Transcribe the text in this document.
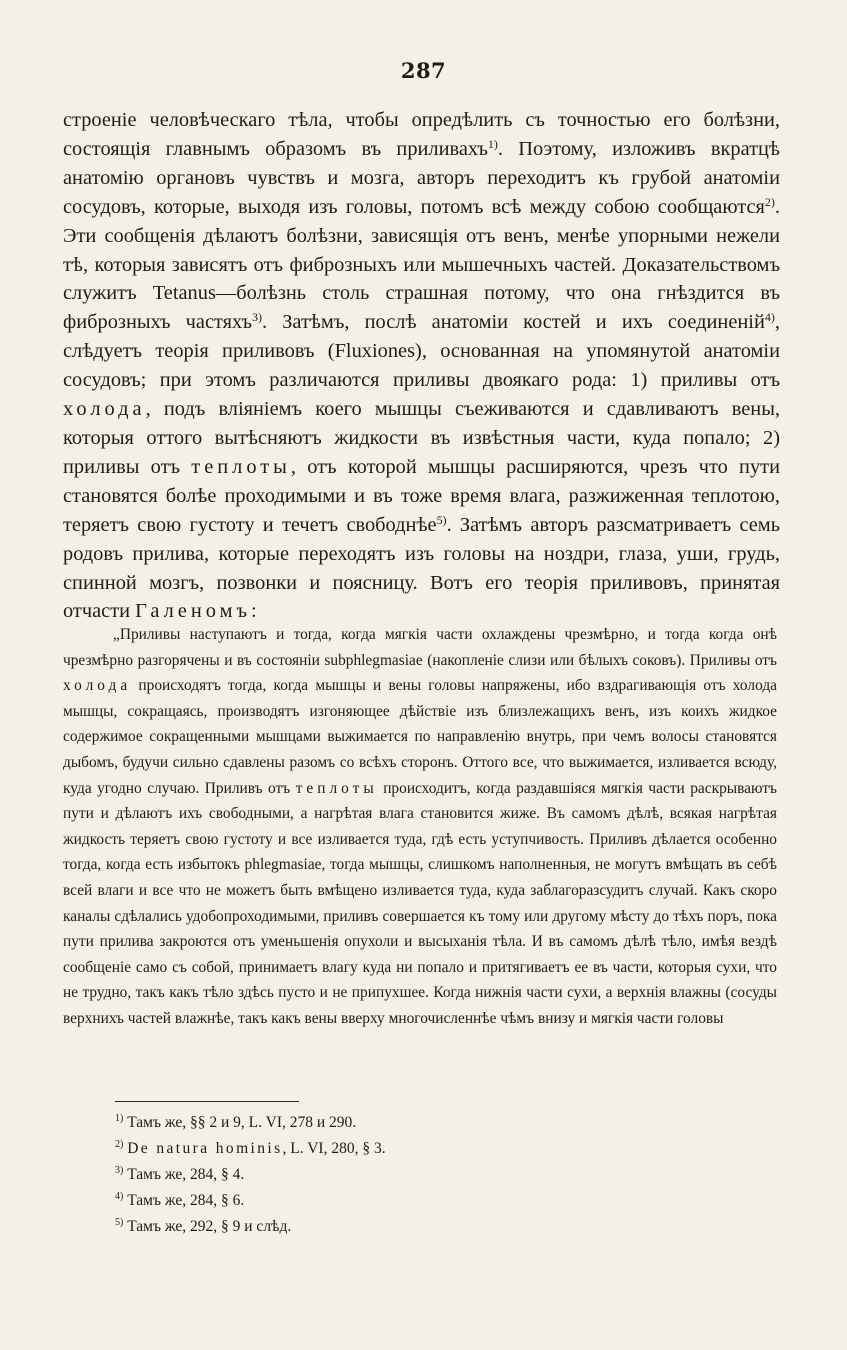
287

строеніе человѣческаго тѣла, чтобы опредѣлить съ точностью его болѣзни, состоящія главнымъ образомъ въ приливахъ$^{1)}$. Поэтому, изложивъ вкратцѣ анатомію органовъ чувствъ и мозга, авторъ переходитъ къ грубой анатоміи сосудовъ, которые, выходя изъ головы, потомъ всѣ между собою сообщаются$^{2)}$. Эти сообщенія дѣлаютъ болѣзни, зависящія отъ венъ, менѣе упорными нежели тѣ, которыя зависятъ отъ фиброзныхъ или мышечныхъ частей. Доказательствомъ служитъ Tetanus—болѣзнь столь страшная потому, что она гнѣздится въ фиброзныхъ частяхъ$^{3)}$. Затѣмъ, послѣ анатоміи костей и ихъ соединеній$^{4)}$, слѣдуетъ теорія приливовъ (Fluxiones), основанная на упомянутой анатоміи сосудовъ; при этомъ различаются приливы двоякаго рода: 1) приливы отъ холода, подъ вліяніемъ коего мышцы съеживаются и сдавливаютъ вены, которыя оттого вытѣсняютъ жидкости въ извѣстныя части, куда попало; 2) приливы отъ теплоты, отъ которой мышцы расширяются, чрезъ что пути становятся болѣе проходимыми и въ тоже время влага, разжиженная теплотою, теряетъ свою густоту и течетъ свободнѣе$^{5)}$. Затѣмъ авторъ разсматриваетъ семь родовъ прилива, которые переходятъ изъ головы на ноздри, глаза, уши, грудь, спинной мозгъ, позвонки и поясницу. Вотъ его теорія приливовъ, принятая отчасти Галеномъ:

„Приливы наступаютъ и тогда, когда мягкія части охлаждены чрезмѣрно, и тогда когда онѣ чрезмѣрно разгорячены и въ состояніи subphlegmasiae (накопленіе слизи или бѣлыхъ соковъ). Приливы отъ холода происходятъ тогда, когда мышцы и вены головы напряжены, ибо вздрагивающія отъ холода мышцы, сокращаясь, производятъ изгоняющее дѣйствіе изъ близлежащихъ венъ, изъ коихъ жидкое содержимое сокращенными мышцами выжимается по направленію внутрь, при чемъ волосы становятся дыбомъ, будучи сильно сдавлены разомъ со всѣхъ сторонъ. Оттого все, что выжимается, изливается всюду, куда угодно случаю. Приливъ отъ теплоты происходитъ, когда раздавшіяся мягкія части раскрываютъ пути и дѣлаютъ ихъ свободными, а нагрѣтая влага становится жиже. Въ самомъ дѣлѣ, всякая нагрѣтая жидкость теряетъ свою густоту и все изливается туда, гдѣ есть уступчивость. Приливъ дѣлается особенно тогда, когда есть избытокъ phlegmasiae, тогда мышцы, слишкомъ наполненныя, не могутъ вмѣщать въ себѣ всей влаги и все что не можетъ быть вмѣщено изливается туда, куда заблагоразсудитъ случай. Какъ скоро каналы сдѣлались удобопроходимыми, приливъ совершается къ тому или другому мѣсту до тѣхъ поръ, пока пути прилива закроются отъ уменьшенія опухоли и высыханія тѣла. И въ самомъ дѣлѣ тѣло, имѣя вездѣ сообщеніе само съ собой, принимаетъ влагу куда ни попало и притягиваетъ ее въ части, которыя сухи, что не трудно, такъ какъ тѣло здѣсь пусто и не припухшее. Когда нижнія части сухи, а верхнія влажны (сосуды верхнихъ частей влажнѣе, такъ какъ вены вверху многочисленнѣе чѣмъ внизу и мягкія части головы

$^{1)}$ Тамъ же, §§ 2 и 9, L. VI, 278 и 290.
$^{2)}$ De natura hominis, L. VI, 280, § 3.
$^{3)}$ Тамъ же, 284, § 4.
$^{4)}$ Тамъ же, 284, § 6.
$^{5)}$ Тамъ же, 292, § 9 и слѣд.
